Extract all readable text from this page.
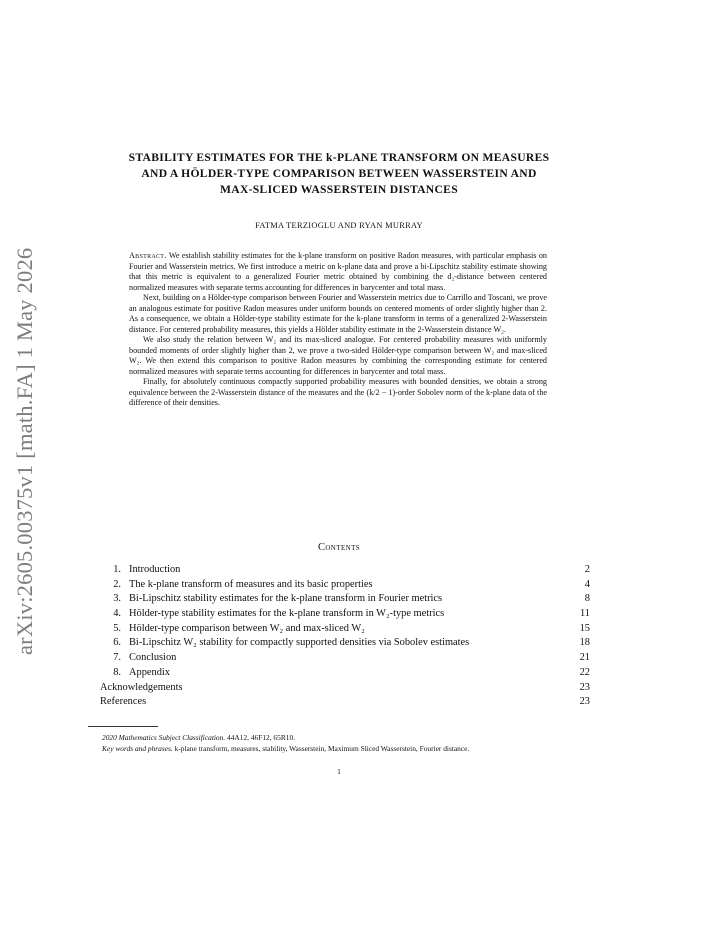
arXiv:2605.00375v1 [math.FA] 1 May 2026
STABILITY ESTIMATES FOR THE k-PLANE TRANSFORM ON MEASURES
AND A HÖLDER-TYPE COMPARISON BETWEEN WASSERSTEIN AND
MAX-SLICED WASSERSTEIN DISTANCES
FATMA TERZIOGLU AND RYAN MURRAY

Abstract. We establish stability estimates for the k-plane transform on positive Radon measures, with particular emphasis on Fourier and Wasserstein metrics. We first introduce a metric on k-plane data and prove a bi-Lipschitz stability estimate showing that this metric is equivalent to a generalized Fourier metric obtained by combining the d₂-distance between centered normalized measures with separate terms accounting for differences in barycenter and total mass.

Next, building on a Hölder-type comparison between Fourier and Wasserstein metrics due to Carrillo and Toscani, we prove an analogous estimate for positive Radon measures under uniform bounds on centered moments of order slightly higher than 2. As a consequence, we obtain a Hölder-type stability estimate for the k-plane transform in terms of a generalized 2-Wasserstein distance. For centered probability measures, this yields a Hölder stability estimate in the 2-Wasserstein distance W₂.

We also study the relation between W₂ and its max-sliced analogue. For centered probability measures with uniformly bounded moments of order slightly higher than 2, we prove a two-sided Hölder-type comparison between W₂ and max-sliced W₂. We then extend this comparison to positive Radon measures by combining the corresponding estimate for centered normalized measures with separate terms accounting for differences in barycenter and total mass.

Finally, for absolutely continuous compactly supported probability measures with bounded densities, we obtain a strong equivalence between the 2-Wasserstein distance of the measures and the (k/2 − 1)-order Sobolev norm of the k-plane data of the difference of their densities.

Contents
1. Introduction	2
2. The k-plane transform of measures and its basic properties	4
3. Bi-Lipschitz stability estimates for the k-plane transform in Fourier metrics	8
4. Hölder-type stability estimates for the k-plane transform in W₂-type metrics	11
5. Hölder-type comparison between W₂ and max-sliced W₂	15
6. Bi-Lipschitz W₂ stability for compactly supported densities via Sobolev estimates	18
7. Conclusion	21
8. Appendix	22
Acknowledgements	23
References	23

2020 Mathematics Subject Classification. 44A12, 46F12, 65R10.

Key words and phrases. k-plane transform, measures, stability, Wasserstein, Maximum Sliced Wasserstein, Fourier distance.

1
